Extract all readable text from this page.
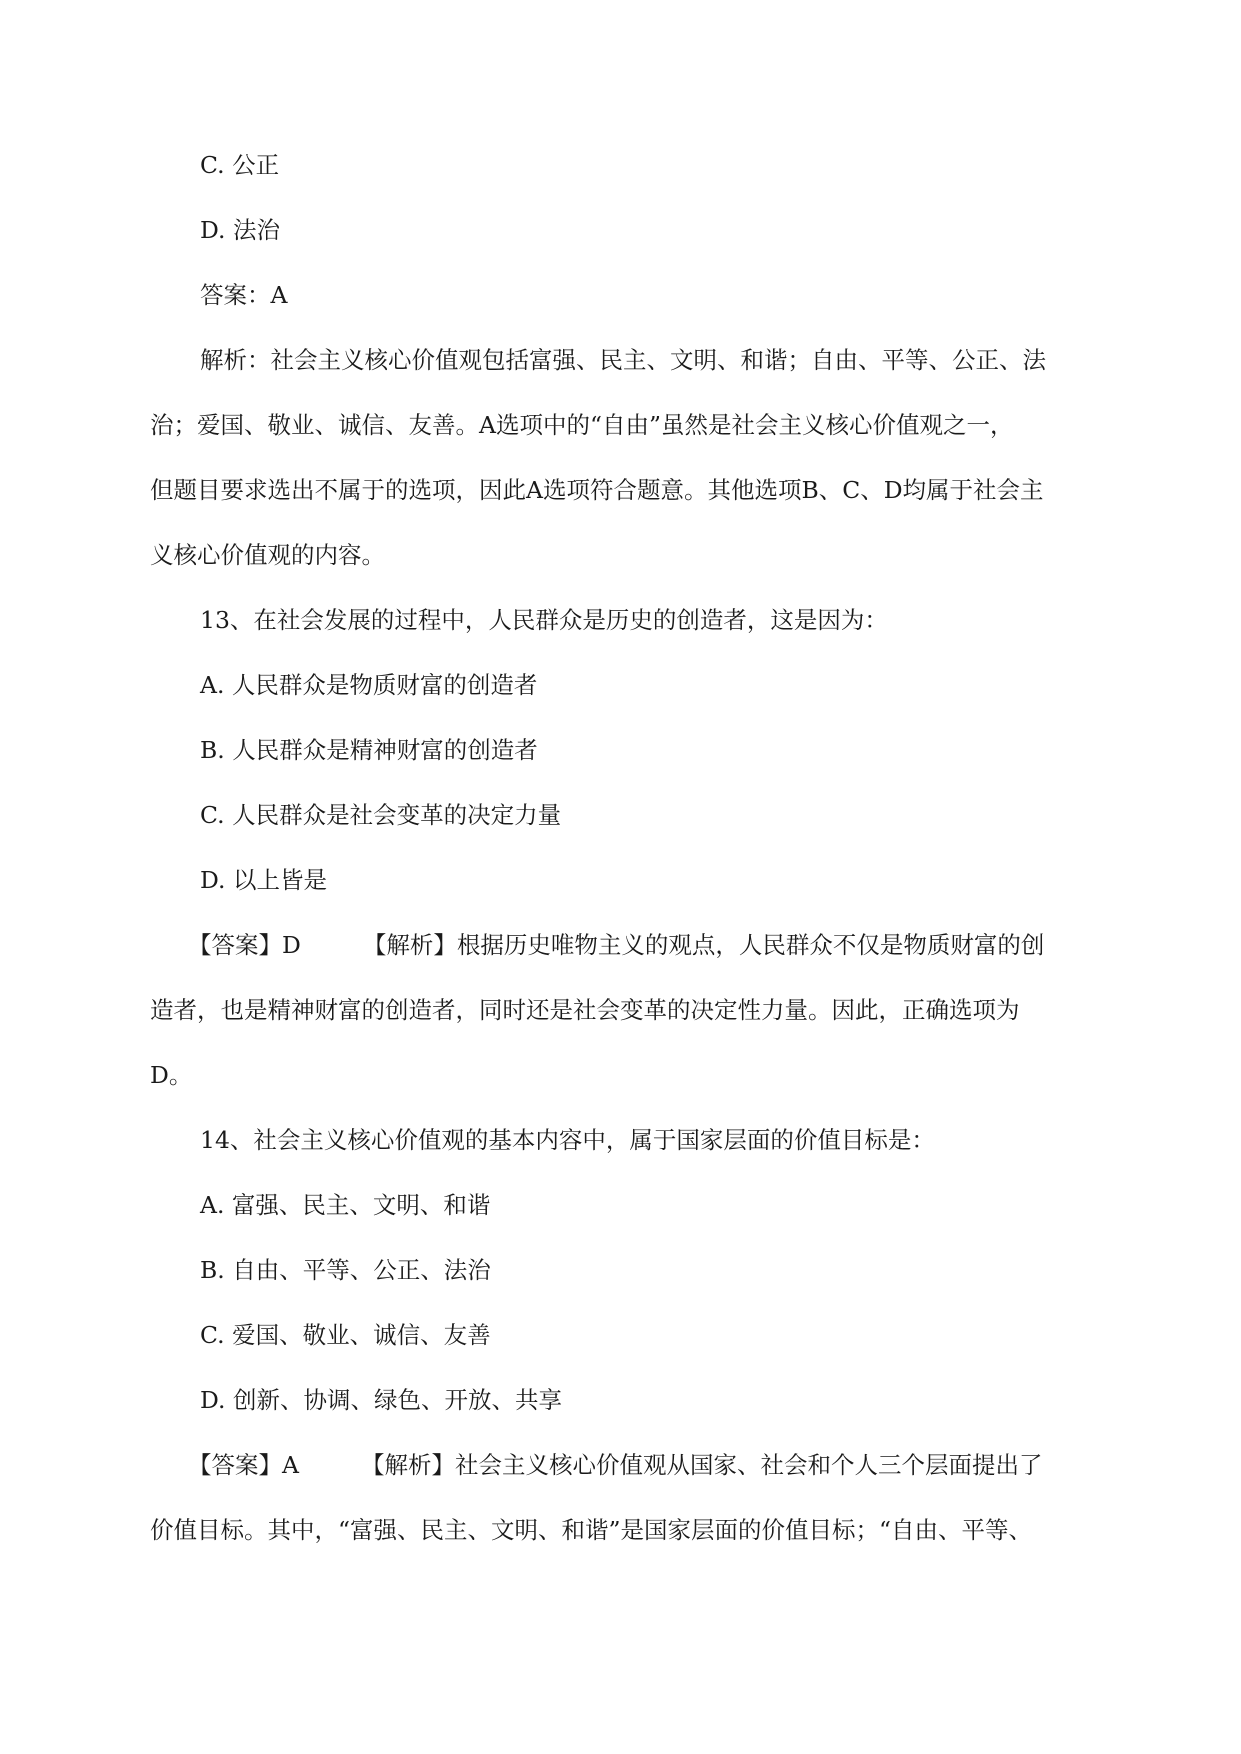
C. 公正
D. 法治
答案：A
解析：社会主义核心价值观包括富强、民主、文明、和谐；自由、平等、公正、法
治；爱国、敬业、诚信、友善。A选项中的“自由”虽然是社会主义核心价值观之一，
但题目要求选出不属于的选项，因此A选项符合题意。其他选项B、C、D均属于社会主
义核心价值观的内容。
13、在社会发展的过程中，人民群众是历史的创造者，这是因为：
A. 人民群众是物质财富的创造者
B. 人民群众是精神财富的创造者
C. 人民群众是社会变革的决定力量
D. 以上皆是
【答案】D	【解析】根据历史唯物主义的观点，人民群众不仅是物质财富的创
造者，也是精神财富的创造者，同时还是社会变革的决定性力量。因此，正确选项为
D。
14、社会主义核心价值观的基本内容中，属于国家层面的价值目标是：
A. 富强、民主、文明、和谐
B. 自由、平等、公正、法治
C. 爱国、敬业、诚信、友善
D. 创新、协调、绿色、开放、共享
【答案】A	【解析】社会主义核心价值观从国家、社会和个人三个层面提出了
价值目标。其中，“富强、民主、文明、和谐”是国家层面的价值目标；“自由、平等、
